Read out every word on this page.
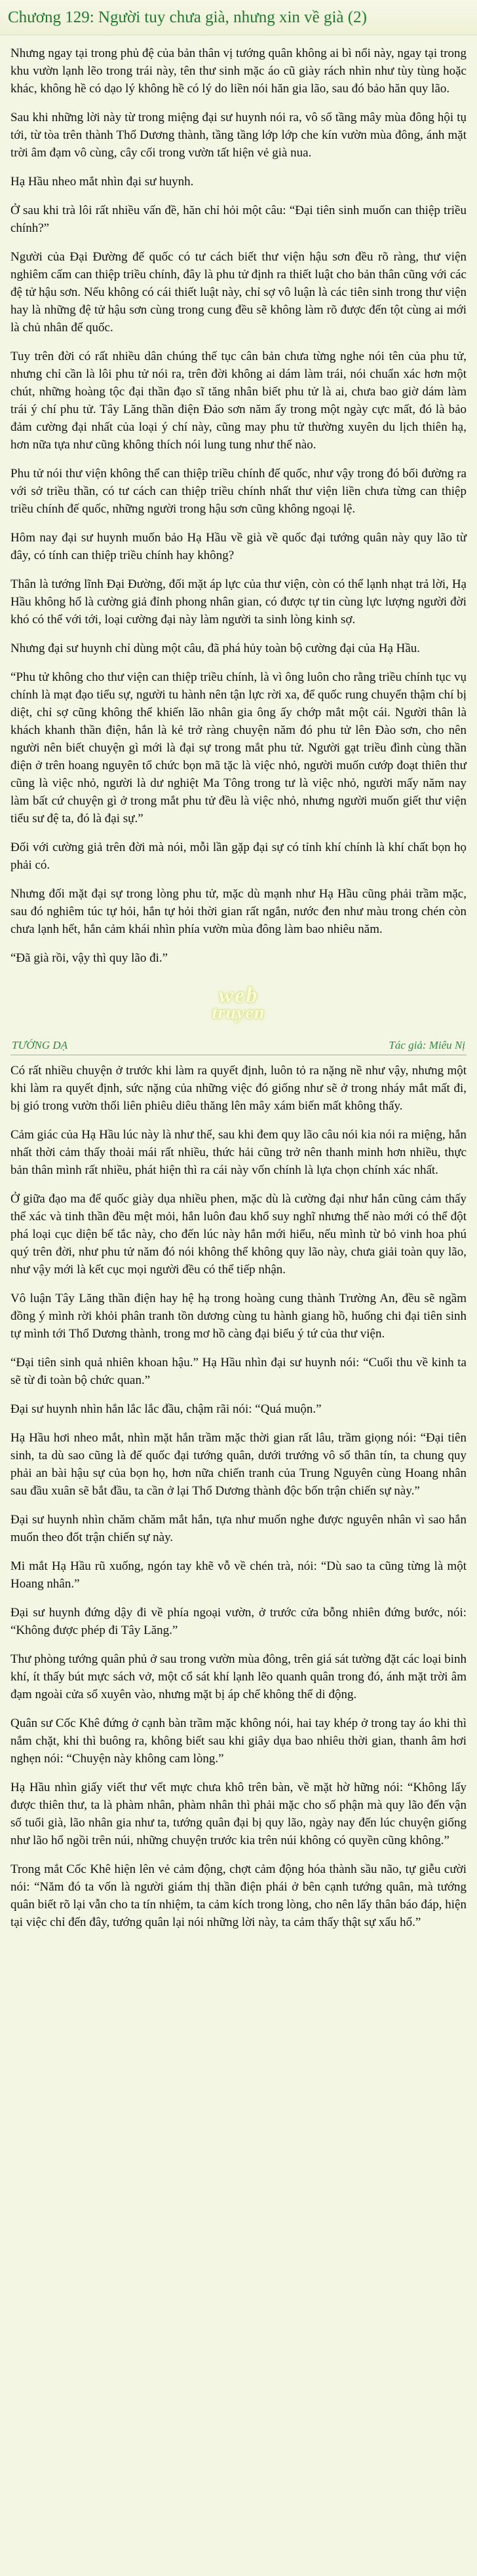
Chương 129: Người tuy chưa già, nhưng xin về già (2)

Nhưng ngay tại trong phủ đệ của bản thân vị tướng quân không ai bì nổi này, ngay tại trong khu vườn lạnh lẽo trong trái này, tên thư sinh mặc áo cũ giày rách nhìn như tùy tùng hoặc khác, không hề có dạo lý không hề có lý do liền nói hăn gia lão, sau đó bảo hăn quy lão.

Sau khi những lời này từ trong miệng đại sư huynh nói ra, vô số tầng mây mùa đông hội tụ tới, từ tòa trên thành Thổ Dương thành, tầng tầng lớp lớp che kín vườn mùa đông, ánh mặt trời âm đạm vô cùng, cây cối trong vườn tất hiện vẻ già nua.

Hạ Hầu nheo mắt nhìn đại sư huynh.

Ở sau khi trà lôi rất nhiều vấn đề, hăn chỉ hỏi một câu: “Đại tiên sinh muốn can thiệp triều chính?”

Người của Đại Đường đế quốc có tư cách biết thư viện hậu sơn đều rõ ràng, thư viện nghiêm cấm can thiệp triều chính, đây là phu tử định ra thiết luật cho bản thân cũng với các đệ tử hậu sơn. Nếu không có cái thiết luật này, chỉ sợ vô luận là các tiên sinh trong thư viện hay là những đệ tử hậu sơn cùng trong cung đều sẽ không làm rõ được đến tột cùng ai mới là chủ nhân đế quốc.

Tuy trên đời có rất nhiều dân chúng thế tục cân bản chưa từng nghe nói tên của phu tử, nhưng chỉ cần là lôi phu tử nói ra, trên đời không ai dám làm trái, nói chuẩn xác hơn một chút, những hoàng tộc đại thần đạo sĩ tăng nhân biết phu tử là ai, chưa bao giờ dám làm trái ý chí phu tử. Tây Lăng thần điện Đảo sơn năm ấy trong một ngày cực mất, đó là bảo đảm cường đại nhất của loại ý chí này, cũng may phu tử thường xuyên du lịch thiên hạ, hơn nữa tựa như cũng không thích nói lung tung như thế nào.

Phu tử nói thư viện không thể can thiệp triều chính đế quốc, như vậy trong đó bối đường ra với sở triều thần, có tư cách can thiệp triều chính nhất thư viện liền chưa từng can thiệp triều chính đế quốc, những người trong hậu sơn cũng không ngoại lệ.

Hôm nay đại sư huynh muốn bảo Hạ Hầu về già về quốc đại tướng quân này quy lão từ đây, có tính can thiệp triều chính hay không?

Thân là tướng lĩnh Đại Đường, đối mặt áp lực của thư viện, còn có thể lạnh nhạt trả lời, Hạ Hầu không hổ là cường giả đỉnh phong nhân gian, có được tự tin cùng lực lượng người đời khó có thể với tới, loại cường đại này làm người ta sinh lòng kinh sợ.

Nhưng đại sư huynh chỉ dùng một câu, đã phá hủy toàn bộ cường đại của Hạ Hầu.

“Phu tử không cho thư viện can thiệp triều chính, là vì ông luôn cho rằng triều chính tục vụ chính là mạt đạo tiểu sự, người tu hành nên tận lực rời xa, để quốc rung chuyển thậm chí bị diệt, chỉ sợ cũng không thể khiến lão nhân gia ông ấy chớp mắt một cái. Người thân là khách khanh thần điện, hắn là kẻ trở ràng chuyện năm đó phu tử lên Đào sơn, cho nên người nên biết chuyện gì mới là đại sự trong mắt phu tử. Người gạt triều đình cùng thần điện ở trên hoang nguyên tổ chức bọn mã tặc là việc nhỏ, người muốn cướp đoạt thiên thư cũng là việc nhỏ, người là dư nghiệt Ma Tông trong tư là việc nhỏ, người mấy năm nay làm bất cứ chuyện gì ở trong mắt phu tử đều là việc nhỏ, nhưng người muốn giết thư viện tiểu sư đệ ta, đó là đại sự.”

Đối với cường giả trên đời mà nói, mỗi lần gặp đại sự có tỉnh khí chính là khí chất bọn họ phải có.

Nhưng đối mặt đại sự trong lòng phu tử, mặc dù mạnh như Hạ Hầu cũng phải trầm mặc, sau đó nghiêm túc tự hỏi, hắn tự hỏi thời gian rất ngắn, nước đen như màu trong chén còn chưa lạnh hết, hắn cảm khái nhìn phía vườn mùa đông làm bao nhiêu năm.

“Đã già rồi, vậy thì quy lão đi.”

web
truyen
TƯỚNG DẠ	Tác giả: Miêu Nị

Có rất nhiều chuyện ở trước khi làm ra quyết định, luôn tỏ ra nặng nề như vậy, nhưng một khi làm ra quyết định, sức nặng của những việc đó giống như sẽ ở trong nháy mắt mất đi, bị gió trong vườn thổi liên phiêu diêu thăng lên mây xám biến mất không thấy.

Cảm giác của Hạ Hầu lúc này là như thế, sau khi đem quy lão câu nói kia nói ra miệng, hắn nhất thời cảm thấy thoải mái rất nhiều, thức hải cũng trở nên thanh minh hơn nhiều, thực bản thân mình rất nhiều, phát hiện thì ra cái này vốn chính là lựa chọn chính xác nhất.

Ở giữa đạo ma để quốc giày dụa nhiều phen, mặc dù là cường đại như hắn cũng cảm thấy thể xác và tinh thần đều mệt mỏi, hắn luôn đau khổ suy nghĩ nhưng thế nào mới có thể đột phá loại cục diện bế tắc này, cho đến lúc này hắn mới hiểu, nếu mình từ bỏ vinh hoa phú quý trên đời, như phu tử năm đó nói không thể không quy lão này, chưa giải toàn quy lão, như vậy mới là kết cục mọi người đều có thể tiếp nhận.

Vô luận Tây Lăng thần điện hay hệ hạ trong hoàng cung thành Trường An, đều sẽ ngầm đồng ý mình rời khỏi phân tranh tồn dương cùng tu hành giang hồ, huống chi đại tiên sinh tự mình tới Thổ Dương thành, trong mơ hồ càng đại biểu ý tứ của thư viện.

“Đại tiên sinh quả nhiên khoan hậu.” Hạ Hầu nhìn đại sư huynh nói: “Cuối thu về kinh ta sẽ từ đi toàn bộ chức quan.”

Đại sư huynh nhìn hắn lắc lắc đầu, chậm rãi nói: “Quá muộn.”

Hạ Hầu hơi nheo mắt, nhìn mặt hắn trầm mặc thời gian rất lâu, trầm giọng nói: “Đại tiên sinh, ta dù sao cũng là đế quốc đại tướng quân, dưới trướng vô số thân tín, ta chung quy phải an bài hậu sự của bọn họ, hơn nữa chiến tranh của Trung Nguyên cùng Hoang nhân sau đầu xuân sẽ bắt đầu, ta cần ở lại Thổ Dương thành độc bốn trận chiến sự này.”

Đại sư huynh nhìn chăm chăm mắt hắn, tựa như muốn nghe được nguyên nhân vì sao hắn muốn theo đốt trận chiến sự này.

Mi mắt Hạ Hầu rũ xuống, ngón tay khẽ vỗ về chén trà, nói: “Dù sao ta cũng từng là một Hoang nhân.”

Đại sư huynh đứng dậy đi về phía ngoại vườn, ở trước cửa bỗng nhiên đứng bước, nói: “Không được phép đi Tây Lăng.”

Thư phòng tướng quân phủ ở sau trong vườn mùa đông, trên giá sát tường đặt các loại binh khí, ít thấy bút mực sách vở, một cổ sát khí lạnh lẽo quanh quân trong đó, ánh mặt trời âm đạm ngoài cửa sổ xuyên vào, nhưng mặt bị áp chế không thể di động.

Quân sư Cốc Khê đứng ở cạnh bàn trầm mặc không nói, hai tay khép ở trong tay áo khi thì nắm chặt, khi thì buông ra, không biết sau khi giây dụa bao nhiêu thời gian, thanh âm hơi nghẹn nói: “Chuyện này không cam lòng.”

Hạ Hầu nhìn giấy viết thư vết mực chưa khô trên bàn, về mặt hờ hững nói: “Không lấy được thiên thư, ta là phàm nhân, phàm nhân thì phải mặc cho số phận mà quy lão đến vận số tuổi già, lão nhân gia như ta, tướng quân đại bị quy lão, ngày nay đến lúc chuyện giống như lão hổ ngồi trên núi, những chuyện trước kia trên núi không có quyền cũng không.”

Trong mắt Cốc Khê hiện lên vẻ cảm động, chợt cảm động hóa thành sầu não, tự giễu cười nói: “Năm đó ta vốn là người giám thị thần điện phái ở bên cạnh tướng quân, mà tướng quân biết rõ lại vẫn cho ta tín nhiệm, ta cảm kích trong lòng, cho nên lấy thân báo đáp, hiện tại việc chỉ đến đây, tướng quân lại nói những lời này, ta cảm thấy thật sự xấu hổ.”
